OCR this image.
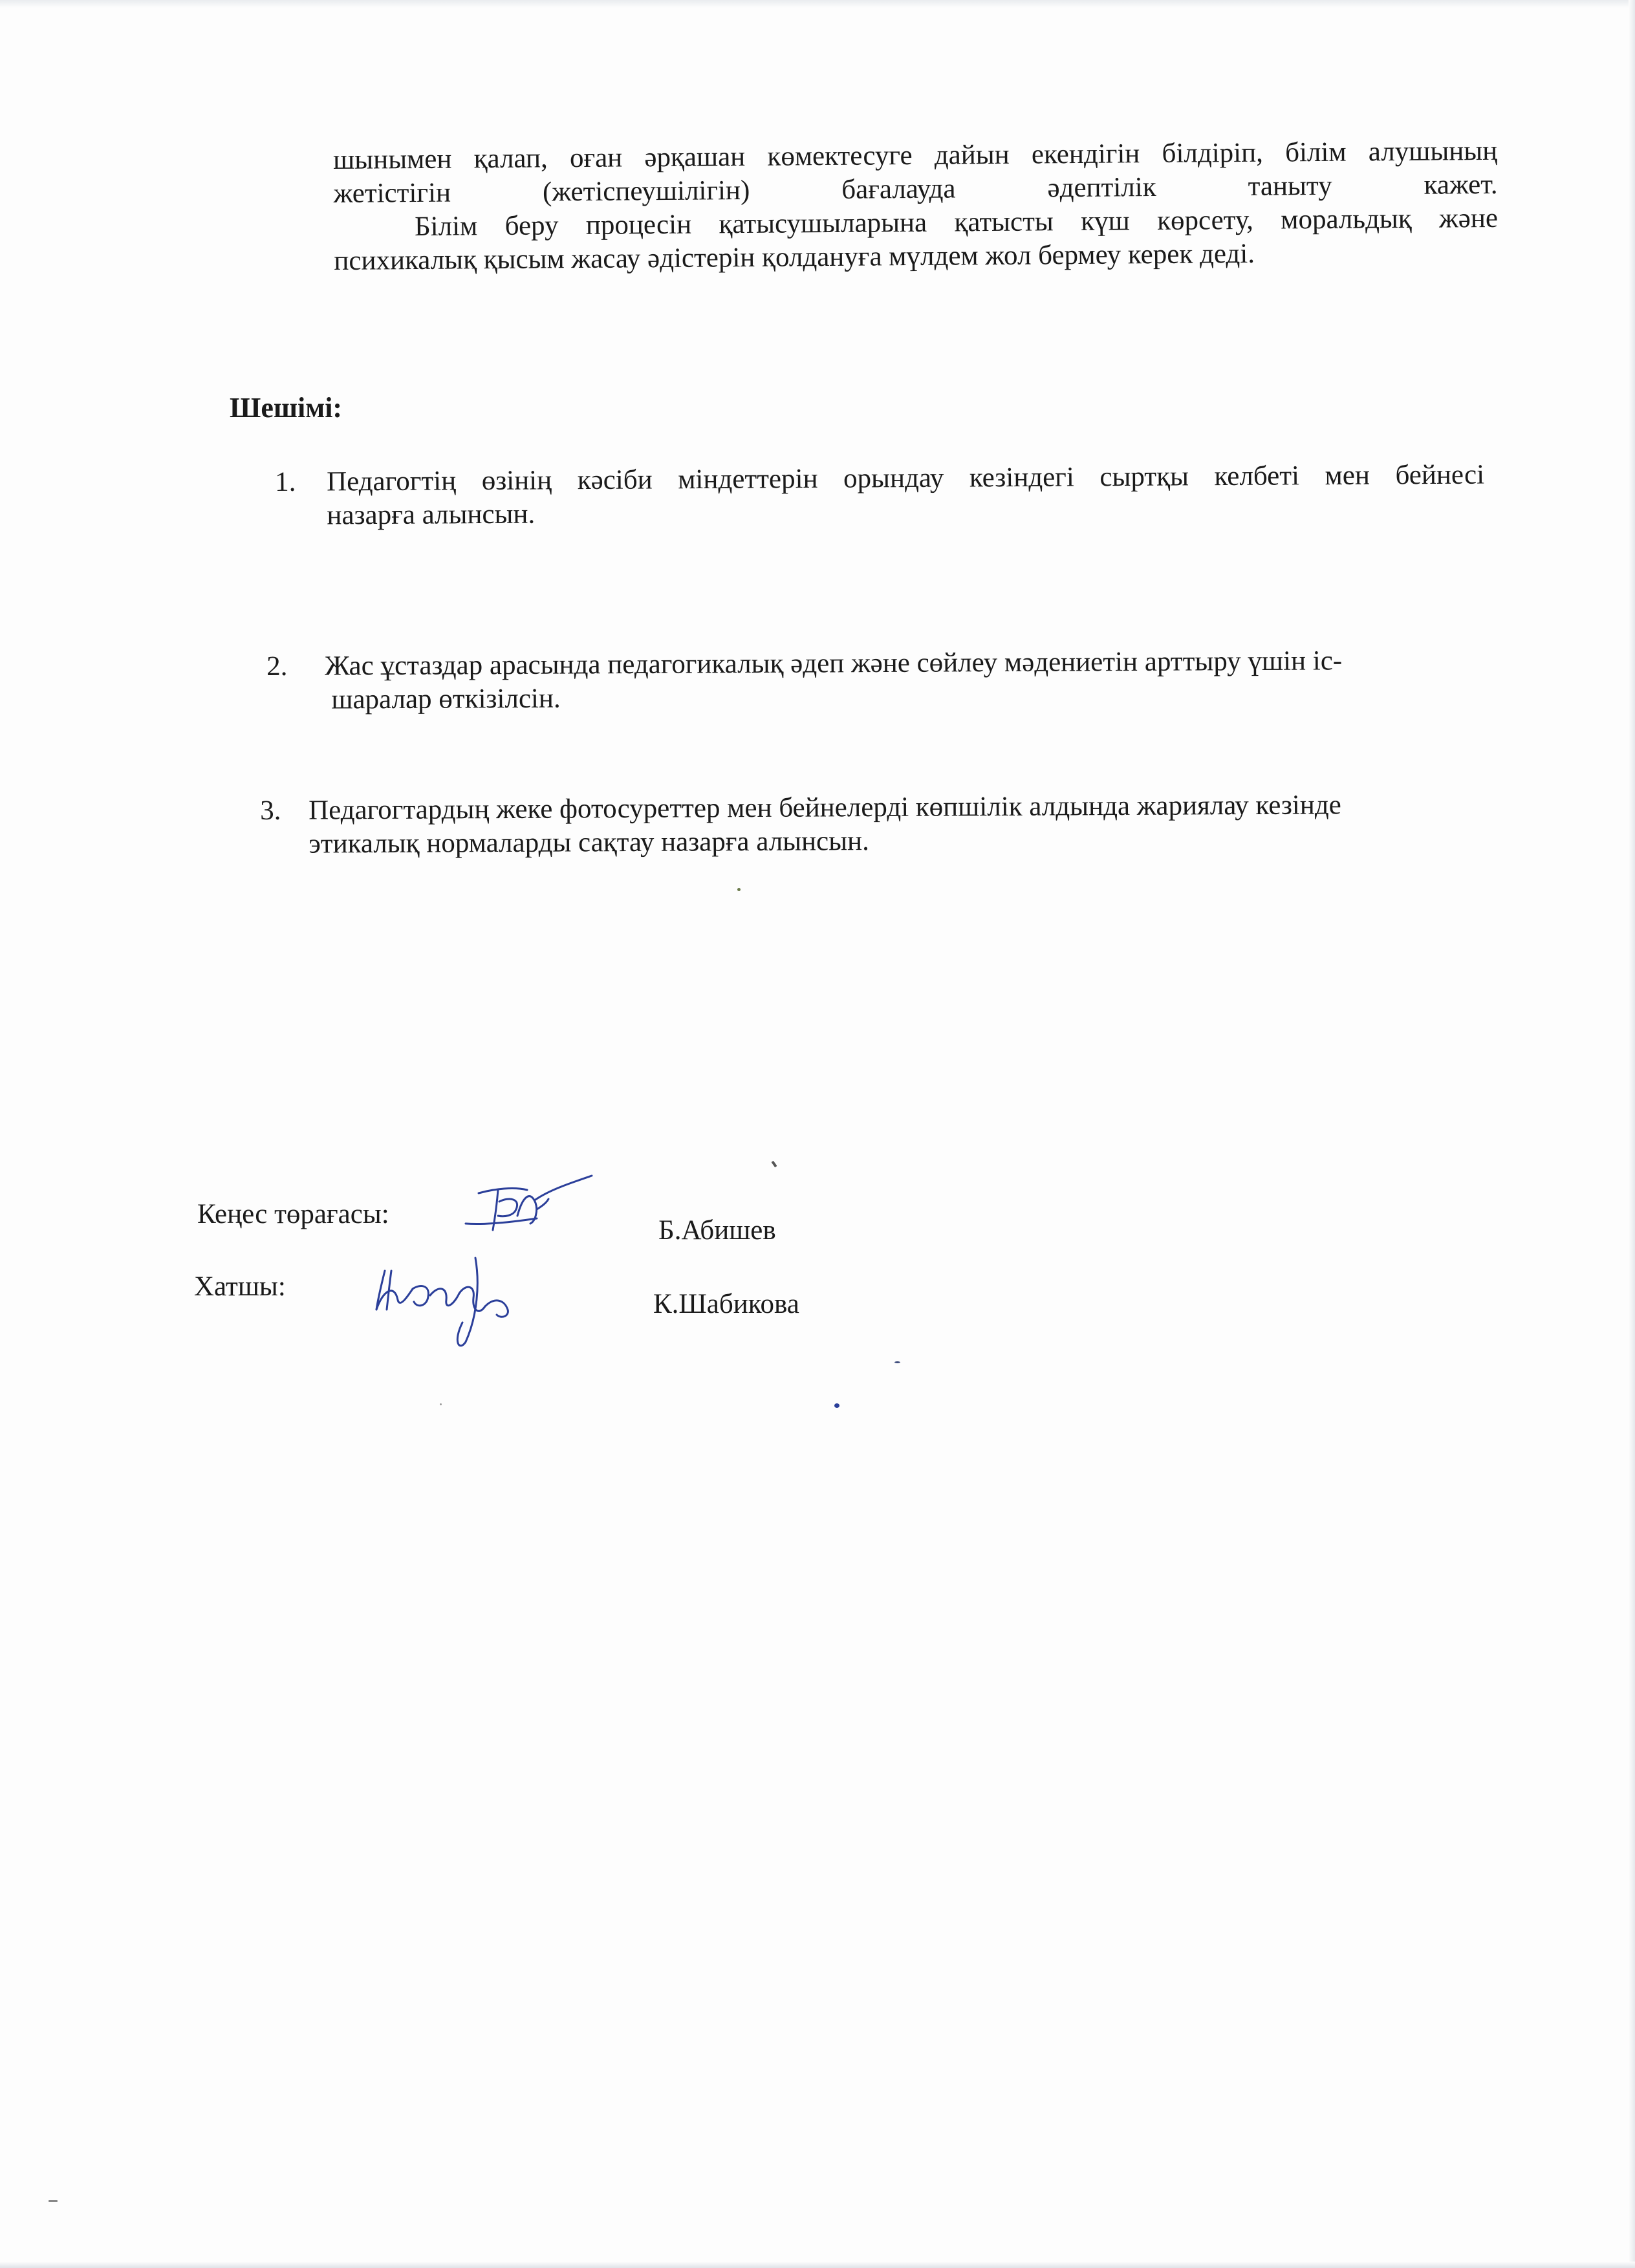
шынымен қалап, оған әрқашан көмектесуге дайын екендігін білдіріп, білім алушының
жетістігін (жетіспеушілігін) бағалауда әдептілік таныту кажет.
Білім беру процесін қатысушыларына қатысты күш көрсету, моральдық және
психикалық қысым жасау әдістерін қолдануға мүлдем жол бермеу керек деді.
Шешімі:
1. Педагогтің өзінің кәсіби міндеттерін орындау кезіндегі сыртқы келбеті мен бейнесі
назарға алынсын.
2. Жас ұстаздар арасында педагогикалық әдеп және сөйлеу мәдениетін арттыру үшін іс-
шаралар өткізілсін.
3. Педагогтардың жеке фотосуреттер мен бейнелерді көпшілік алдында жариялау кезінде
этикалық нормаларды сақтау назарға алынсын.

Кеңес төрағасы:

Б.Абишев

Хатшы:

К.Шабикова
